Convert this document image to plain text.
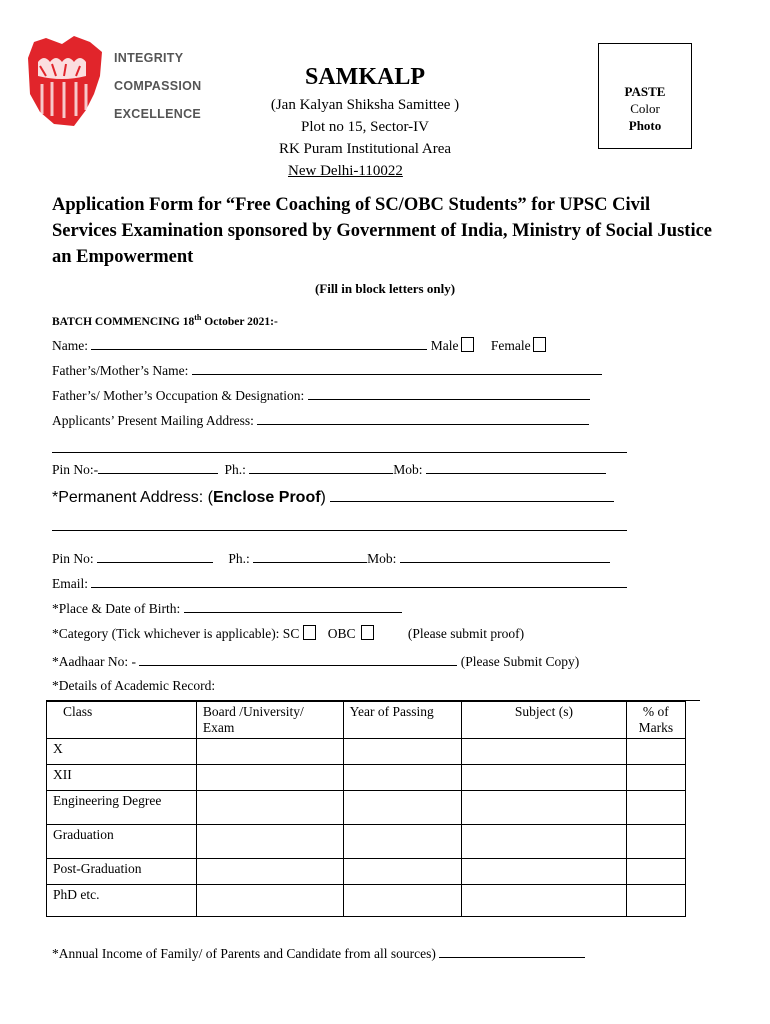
INTEGRITY
COMPASSION
EXCELLENCE
SAMKALP
(Jan Kalyan Shiksha Samittee )
Plot no 15, Sector-IV
RK Puram Institutional Area
New Delhi-110022
PASTE
Color
Photo
Application Form for “Free Coaching of SC/OBC Students” for UPSC Civil Services Examination sponsored by Government of India, Ministry of Social Justice an Empowerment
(Fill in block letters only)
BATCH COMMENCING 18th October 2021:-
Name:	Male Female
Father’s/Mother’s Name:
Father’s/ Mother’s Occupation & Designation:
Applicants’ Present Mailing Address:
Pin No:-	Ph.:	Mob:
*Permanent Address: (Enclose Proof)
Pin No:	Ph.:	Mob:
Email:
*Place & Date of Birth:
*Category (Tick whichever is applicable): SC OBC	(Please submit proof)
*Aadhaar No: -	(Please Submit Copy)
*Details of Academic Record:
Class	Board /University/ Exam	Year of Passing	Subject (s)	% of Marks
X				
XII				
Engineering Degree				
Graduation				
Post-Graduation				
PhD etc.				
*Annual Income of Family/ of Parents and Candidate from all sources)
